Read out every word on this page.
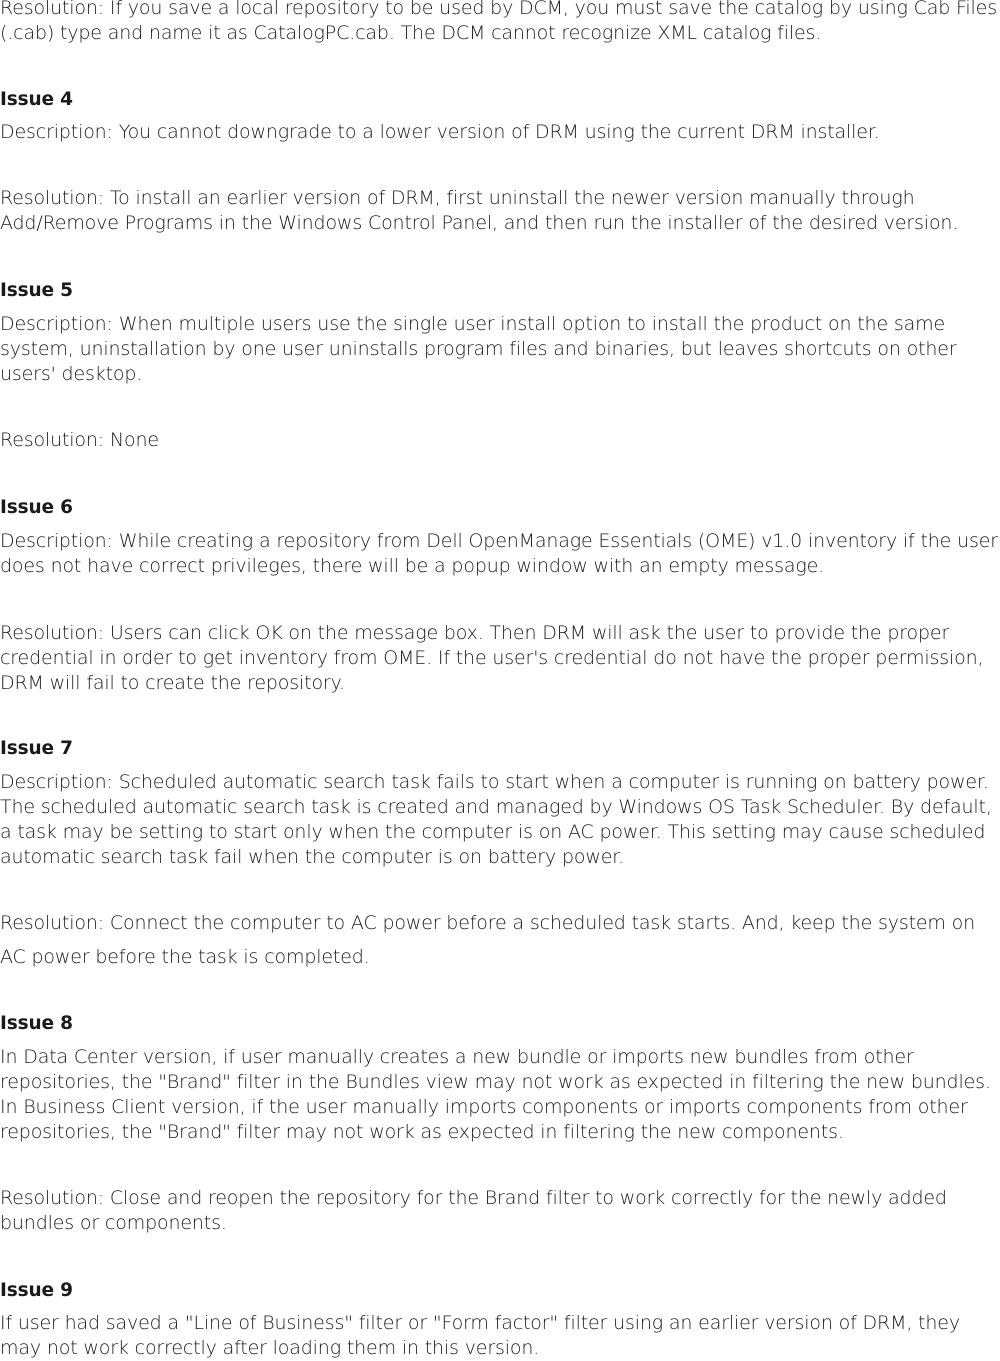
Resolution: If you save a local repository to be used by DCM, you must save the catalog by using Cab Files (.cab) type and name it as CatalogPC.cab. The DCM cannot recognize XML catalog files.

Issue 4

Description: You cannot downgrade to a lower version of DRM using the current DRM installer.

Resolution: To install an earlier version of DRM, first uninstall the newer version manually through Add/Remove Programs in the Windows Control Panel, and then run the installer of the desired version.

Issue 5

Description: When multiple users use the single user install option to install the product on the same system, uninstallation by one user uninstalls program files and binaries, but leaves shortcuts on other users' desktop.

Resolution: None

Issue 6

Description: While creating a repository from Dell OpenManage Essentials (OME) v1.0 inventory if the user does not have correct privileges, there will be a popup window with an empty message.

Resolution: Users can click OK on the message box. Then DRM will ask the user to provide the proper credential in order to get inventory from OME. If the user's credential do not have the proper permission, DRM will fail to create the repository.

Issue 7

Description: Scheduled automatic search task fails to start when a computer is running on battery power. The scheduled automatic search task is created and managed by Windows OS Task Scheduler. By default, a task may be setting to start only when the computer is on AC power. This setting may cause scheduled automatic search task fail when the computer is on battery power.

Resolution: Connect the computer to AC power before a scheduled task starts. And, keep the system on

AC power before the task is completed.

Issue 8

In Data Center version, if user manually creates a new bundle or imports new bundles from other repositories, the "Brand" filter in the Bundles view may not work as expected in filtering the new bundles. In Business Client version, if the user manually imports components or imports components from other repositories, the "Brand" filter may not work as expected in filtering the new components.

Resolution: Close and reopen the repository for the Brand filter to work correctly for the newly added bundles or components.

Issue 9

If user had saved a "Line of Business" filter or "Form factor" filter using an earlier version of DRM, they may not work correctly after loading them in this version.
